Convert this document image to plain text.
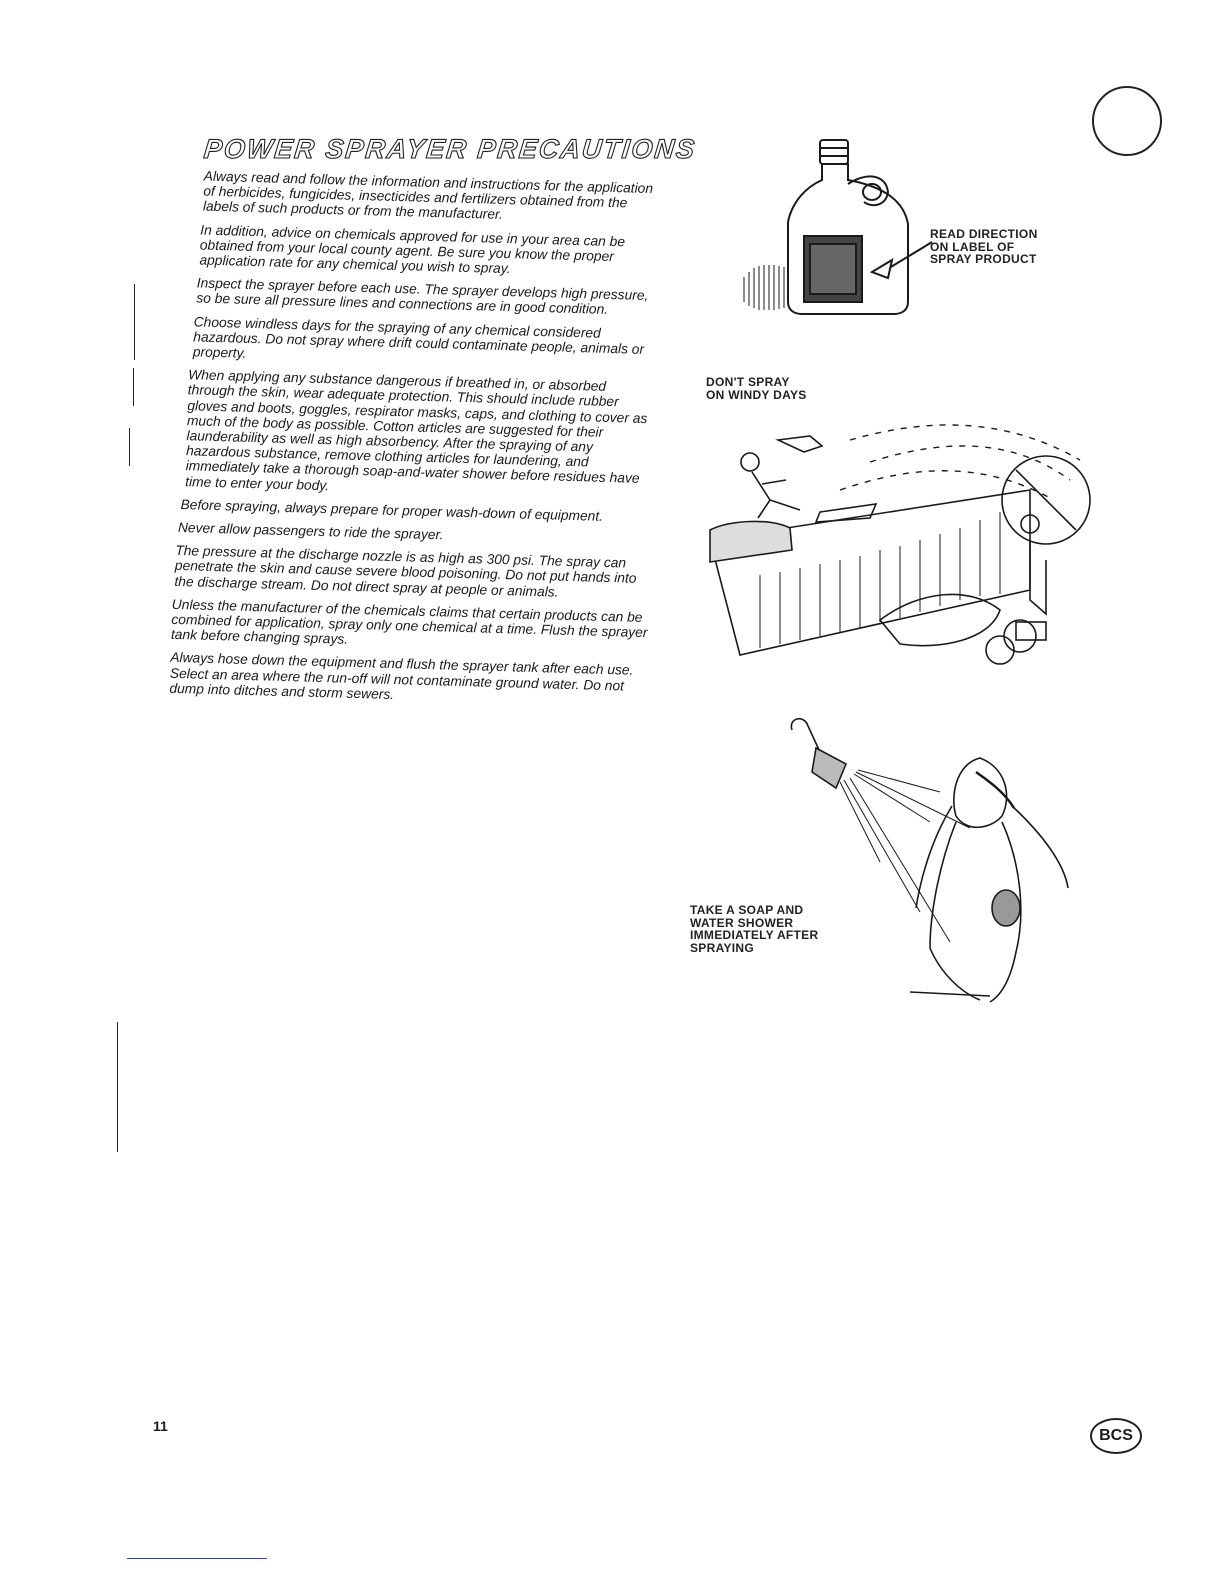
POWER SPRAYER PRECAUTIONS

Always read and follow the information and instructions for the application of herbicides, fungicides, insecticides and fertilizers obtained from the labels of such products or from the manufacturer.

In addition, advice on chemicals approved for use in your area can be obtained from your local county agent. Be sure you know the proper application rate for any chemical you wish to spray.

Inspect the sprayer before each use. The sprayer develops high pressure, so be sure all pressure lines and connections are in good condition.

Choose windless days for the spraying of any chemical considered hazardous. Do not spray where drift could contaminate people, animals or property.

When applying any substance dangerous if breathed in, or absorbed through the skin, wear adequate protection. This should include rubber gloves and boots, goggles, respirator masks, caps, and clothing to cover as much of the body as possible. Cotton articles are suggested for their launderability as well as high absorbency. After the spraying of any hazardous substance, remove clothing articles for laundering, and immediately take a thorough soap-and-water shower before residues have time to enter your body.

Before spraying, always prepare for proper wash-down of equipment.

Never allow passengers to ride the sprayer.

The pressure at the discharge nozzle is as high as 300 psi. The spray can penetrate the skin and cause severe blood poisoning. Do not put hands into the discharge stream. Do not direct spray at people or animals.

Unless the manufacturer of the chemicals claims that certain products can be combined for application, spray only one chemical at a time. Flush the sprayer tank before changing sprays.

Always hose down the equipment and flush the sprayer tank after each use. Select an area where the run-off will not contaminate ground water. Do not dump into ditches and storm sewers.

READ DIRECTION
ON LABEL OF
SPRAY PRODUCT
DON'T SPRAY
ON WINDY DAYS
TAKE A SOAP AND
WATER SHOWER
IMMEDIATELY AFTER
SPRAYING
11
BCS
